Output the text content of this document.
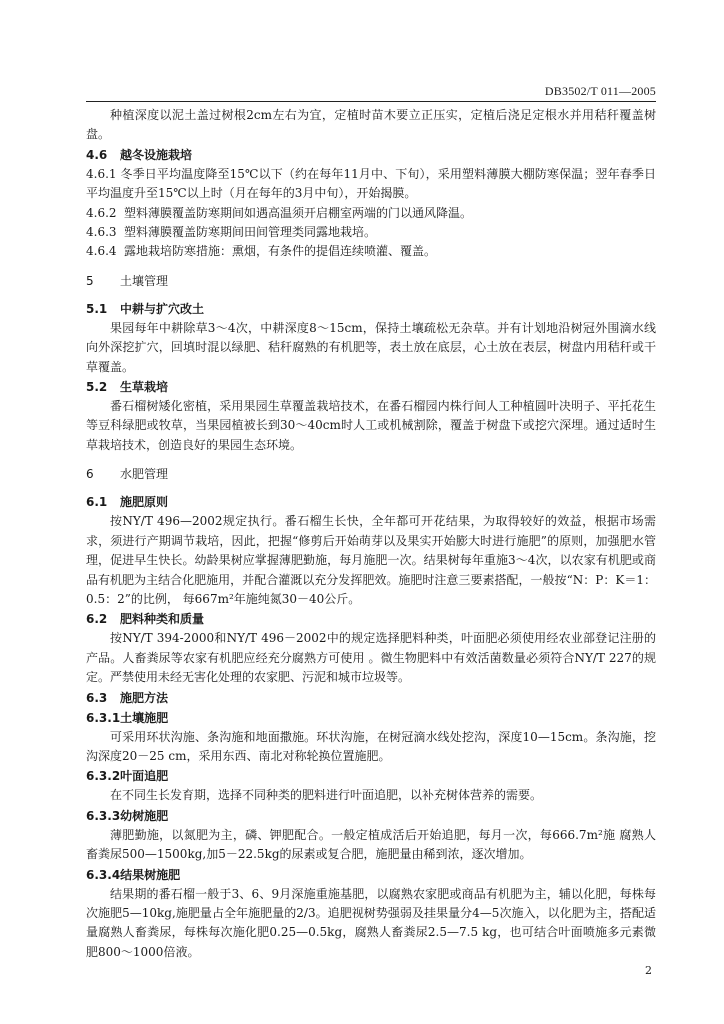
DB3502/T 011—2005

种植深度以泥土盖过树根2cm左右为宜，定植时苗木要立正压实，定植后浇足定根水并用秸秆覆盖树盘。

4.6 越冬设施栽培

4.6.1 冬季日平均温度降至15℃以下（约在每年11月中、下旬），采用塑料薄膜大棚防寒保温；翌年春季日平均温度升至15℃以上时（月在每年的3月中旬），开始揭膜。

4.6.2 塑料薄膜覆盖防寒期间如遇高温须开启棚室两端的门以通风降温。
4.6.3 塑料薄膜覆盖防寒期间田间管理类同露地栽培。
4.6.4 露地栽培防寒措施：熏烟，有条件的提倡连续喷灌、覆盖。
5 土壤管理
5.1 中耕与扩穴改土

果园每年中耕除草3～4次，中耕深度8～15cm，保持土壤疏松无杂草。并有计划地沿树冠外围滴水线向外深挖扩穴，回填时混以绿肥、秸秆腐熟的有机肥等，表土放在底层，心土放在表层，树盘内用秸秆或干草覆盖。

5.2 生草栽培

番石榴树矮化密植，采用果园生草覆盖栽培技术，在番石榴园内株行间人工种植圆叶决明子、平托花生等豆科绿肥或牧草，当果园植被长到30～40cm时人工或机械割除，覆盖于树盘下或挖穴深埋。通过适时生草栽培技术，创造良好的果园生态环境。

6 水肥管理
6.1 施肥原则

按NY/T 496—2002规定执行。番石榴生长快，全年都可开花结果，为取得较好的效益，根据市场需求，须进行产期调节栽培，因此，把握“修剪后开始萌芽以及果实开始膨大时进行施肥”的原则，加强肥水管理，促进早生快长。幼龄果树应掌握薄肥勤施，每月施肥一次。结果树每年重施3～4次，以农家有机肥或商品有机肥为主结合化肥施用，并配合灌溉以充分发挥肥效。施肥时注意三要素搭配，一般按“N：P：K＝1：0.5：2”的比例， 每667m²年施纯氮30－40公斤。

6.2 肥料种类和质量

按NY/T 394-2000和NY/T 496－2002中的规定选择肥料种类，叶面肥必须使用经农业部登记注册的产品。人畜粪尿等农家有机肥应经充分腐熟方可使用 。微生物肥料中有效活菌数量必须符合NY/T 227的规定。严禁使用未经无害化处理的农家肥、污泥和城市垃圾等。

6.3 施肥方法
6.3.1土壤施肥

可采用环状沟施、条沟施和地面撒施。环状沟施，在树冠滴水线处挖沟，深度10—15cm。条沟施，挖沟深度20－25 cm，采用东西、南北对称轮换位置施肥。

6.3.2叶面追肥

在不同生长发育期，选择不同种类的肥料进行叶面追肥，以补充树体营养的需要。

6.3.3幼树施肥

薄肥勤施，以氮肥为主，磷、钾肥配合。一般定植成活后开始追肥，每月一次，每666.7m²施 腐熟人畜粪尿500—1500kg,加5－22.5kg的尿素或复合肥，施肥量由稀到浓，逐次增加。

6.3.4结果树施肥

结果期的番石榴一般于3、6、9月深施重施基肥，以腐熟农家肥或商品有机肥为主，辅以化肥，每株每次施肥5—10kg,施肥量占全年施肥量的2/3。追肥视树势强弱及挂果量分4—5次施入，以化肥为主，搭配适量腐熟人畜粪尿，每株每次施化肥0.25—0.5kg，腐熟人畜粪尿2.5—7.5 kg，也可结合叶面喷施多元素微肥800～1000倍液。

2
